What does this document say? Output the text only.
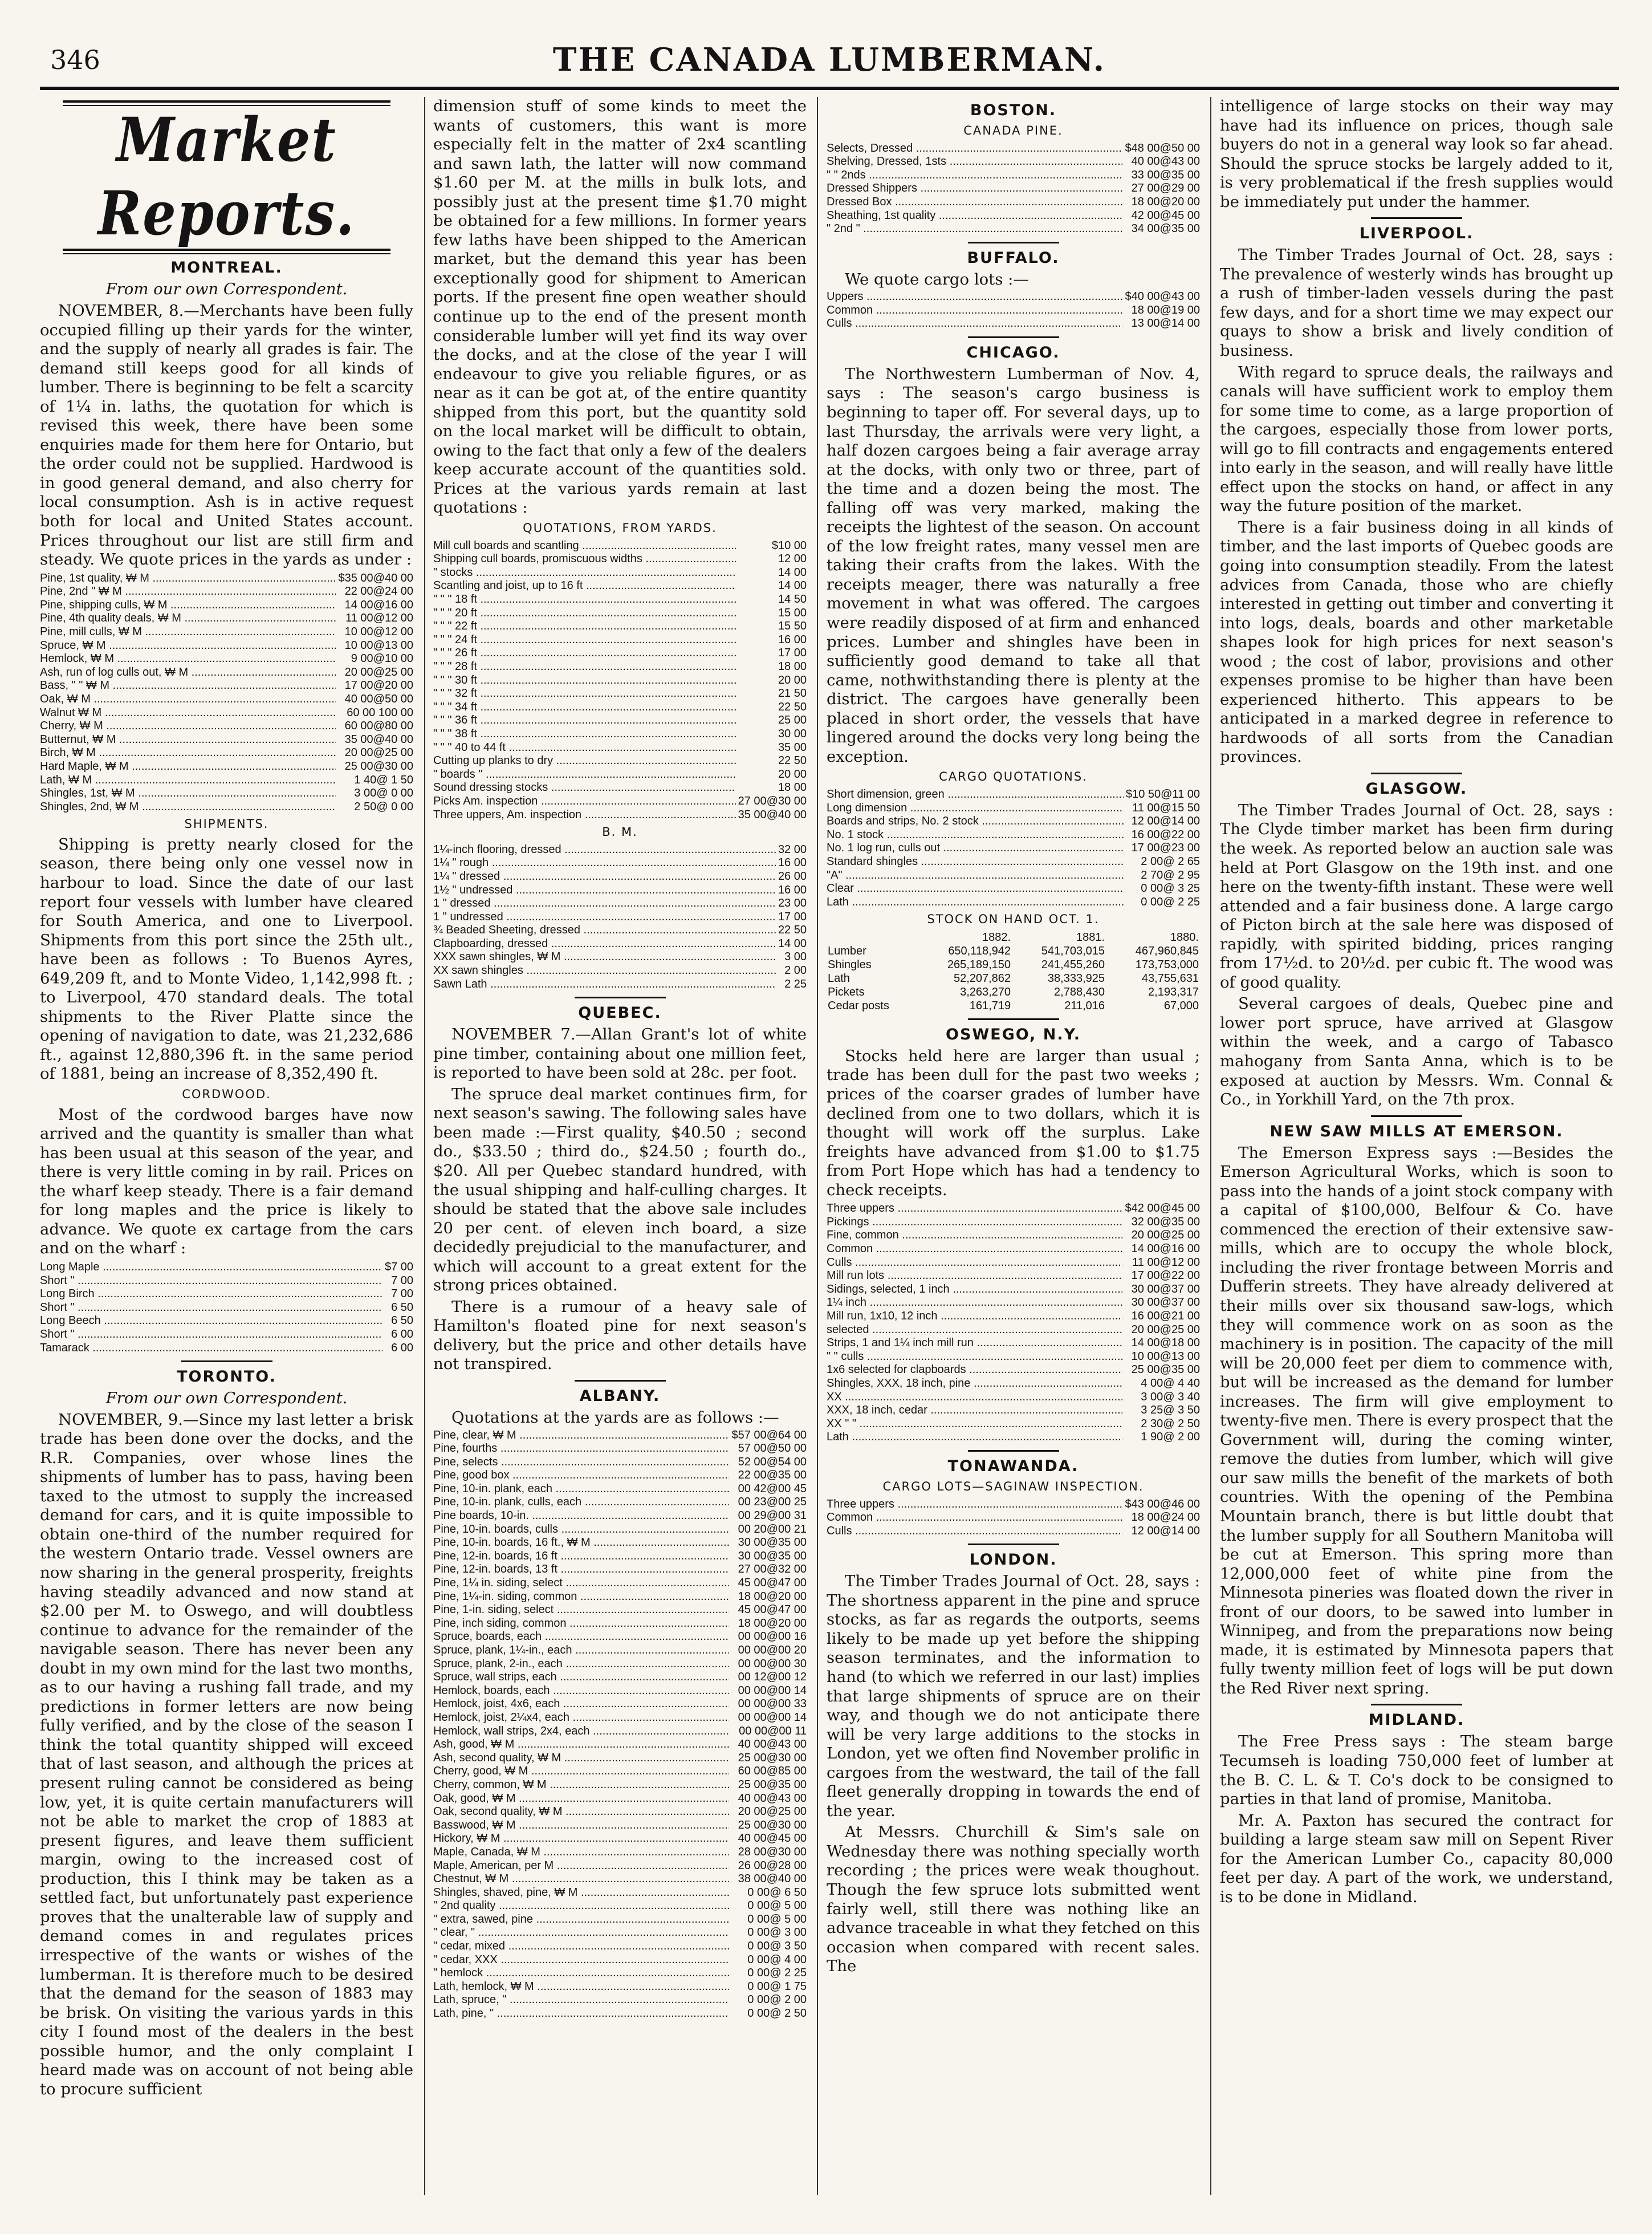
346	THE CANADA LUMBERMAN.
Market Reports.
MONTREAL.
From our own Correspondent.

NOVEMBER, 8.—Merchants have been fully occupied filling up their yards for the winter, and the supply of nearly all grades is fair. The demand still keeps good for all kinds of lumber. There is beginning to be felt a scarcity of 1¼ in. laths, the quotation for which is revised this week, there have been some enquiries made for them here for Ontario, but the order could not be supplied. Hardwood is in good general demand, and also cherry for local consumption. Ash is in active request both for local and United States account. Prices throughout our list are still firm and steady. We quote prices in the yards as under :

Pine, 1st quality, ₩ M .....	$35 00@40 00
Pine, 2nd " ₩ M .....	22 00@24 00
Pine, shipping culls, ₩ M .....	14 00@16 00
Pine, 4th quality deals, ₩ M .....	11 00@12 00
Pine, mill culls, ₩ M .....	10 00@12 00
Spruce, ₩ M .....	10 00@13 00
Hemlock, ₩ M .....	9 00@10 00
Ash, run of log culls out, ₩ M .....	20 00@25 00
Bass, " " ₩ M .....	17 00@20 00
Oak, ₩ M .....	40 00@50 00
Walnut ₩ M .....	60 00 100 00
Cherry, ₩ M .....	60 00@80 00
Butternut, ₩ M .....	35 00@40 00
Birch, ₩ M .....	20 00@25 00
Hard Maple, ₩ M .....	25 00@30 00
Lath, ₩ M .....	1 40@ 1 50
Shingles, 1st, ₩ M .....	3 00@ 0 00
Shingles, 2nd, ₩ M .....	2 50@ 0 00
SHIPMENTS.

Shipping is pretty nearly closed for the season, there being only one vessel now in harbour to load. Since the date of our last report four vessels with lumber have cleared for South America, and one to Liverpool. Shipments from this port since the 25th ult., have been as follows : To Buenos Ayres, 649,209 ft, and to Monte Video, 1,142,998 ft. ; to Liverpool, 470 standard deals. The total shipments to the River Platte since the opening of navigation to date, was 21,232,686 ft., against 12,880,396 ft. in the same period of 1881, being an increase of 8,352,490 ft.

CORDWOOD.

Most of the cordwood barges have now arrived and the quantity is smaller than what has been usual at this season of the year, and there is very little coming in by rail. Prices on the wharf keep steady. There is a fair demand for long maples and the price is likely to advance. We quote ex cartage from the cars and on the wharf :

Long Maple .....	$7 00
Short " .....	7 00
Long Birch .....	7 00
Short " .....	6 50
Long Beech .....	6 50
Short " .....	6 00
Tamarack .....	6 00
TORONTO.
From our own Correspondent.

NOVEMBER, 9.—Since my last letter a brisk trade has been done over the docks, and the R.R. Companies, over whose lines the shipments of lumber has to pass, having been taxed to the utmost to supply the increased demand for cars, and it is quite impossible to obtain one-third of the number required for the western Ontario trade. Vessel owners are now sharing in the general prosperity, freights having steadily advanced and now stand at $2.00 per M. to Oswego, and will doubtless continue to advance for the remainder of the navigable season. There has never been any doubt in my own mind for the last two months, as to our having a rushing fall trade, and my predictions in former letters are now being fully verified, and by the close of the season I think the total quantity shipped will exceed that of last season, and although the prices at present ruling cannot be considered as being low, yet, it is quite certain manufacturers will not be able to market the crop of 1883 at present figures, and leave them sufficient margin, owing to the increased cost of production, this I think may be taken as a settled fact, but unfortunately past experience proves that the unalterable law of supply and demand comes in and regulates prices irrespective of the wants or wishes of the lumberman. It is therefore much to be desired that the demand for the season of 1883 may be brisk. On visiting the various yards in this city I found most of the dealers in the best possible humor, and the only complaint I heard made was on account of not being able to procure sufficient

dimension stuff of some kinds to meet the wants of customers, this want is more especially felt in the matter of 2x4 scantling and sawn lath, the latter will now command $1.60 per M. at the mills in bulk lots, and possibly just at the present time $1.70 might be obtained for a few millions. In former years few laths have been shipped to the American market, but the demand this year has been exceptionally good for shipment to American ports. If the present fine open weather should continue up to the end of the present month considerable lumber will yet find its way over the docks, and at the close of the year I will endeavour to give you reliable figures, or as near as it can be got at, of the entire quantity shipped from this port, but the quantity sold on the local market will be difficult to obtain, owing to the fact that only a few of the dealers keep accurate account of the quantities sold. Prices at the various yards remain at last quotations :

QUOTATIONS, FROM YARDS.
Mill cull boards and scantling .....	$10 00
Shipping cull boards, promiscuous widths .....	12 00
" stocks .....	14 00
Scantling and joist, up to 16 ft .....	14 00
" " " 18 ft .....	14 50
" " " 20 ft .....	15 00
" " " 22 ft .....	15 50
" " " 24 ft .....	16 00
" " " 26 ft .....	17 00
" " " 28 ft .....	18 00
" " " 30 ft .....	20 00
" " " 32 ft .....	21 50
" " " 34 ft .....	22 50
" " " 36 ft .....	25 00
" " " 38 ft .....	30 00
" " " 40 to 44 ft .....	35 00
Cutting up planks to dry .....	22 50
" boards " .....	20 00
Sound dressing stocks .....	18 00
Picks Am. inspection .....	27 00@30 00
Three uppers, Am. inspection .....	35 00@40 00
B. M.
1¼-inch flooring, dressed .....	32 00
1¼ " rough .....	16 00
1¼ " dressed .....	26 00
1½ " undressed .....	16 00
1 " dressed .....	23 00
1 " undressed .....	17 00
¾ Beaded Sheeting, dressed .....	22 50
Clapboarding, dressed .....	14 00
XXX sawn shingles, ₩ M .....	3 00
XX sawn shingles .....	2 00
Sawn Lath .....	2 25
QUEBEC.

NOVEMBER 7.—Allan Grant's lot of white pine timber, containing about one million feet, is reported to have been sold at 28c. per foot.

The spruce deal market continues firm, for next season's sawing. The following sales have been made :—First quality, $40.50 ; second do., $33.50 ; third do., $24.50 ; fourth do., $20. All per Quebec standard hundred, with the usual shipping and half-culling charges. It should be stated that the above sale includes 20 per cent. of eleven inch board, a size decidedly prejudicial to the manufacturer, and which will account to a great extent for the strong prices obtained.

There is a rumour of a heavy sale of Hamilton's floated pine for next season's delivery, but the price and other details have not transpired.

ALBANY.

Quotations at the yards are as follows :—

Pine, clear, ₩ M .....	$57 00@64 00
Pine, fourths .....	57 00@50 00
Pine, selects .....	52 00@54 00
Pine, good box .....	22 00@35 00
Pine, 10-in. plank, each .....	00 42@00 45
Pine, 10-in. plank, culls, each .....	00 23@00 25
Pine boards, 10-in. .....	00 29@00 31
Pine, 10-in. boards, culls .....	00 20@00 21
Pine, 10-in. boards, 16 ft., ₩ M .....	30 00@35 00
Pine, 12-in. boards, 16 ft .....	30 00@35 00
Pine, 12-in. boards, 13 ft .....	27 00@32 00
Pine, 1¼ in. siding, select .....	45 00@47 00
Pine, 1¼-in. siding, common .....	18 00@20 00
Pine, 1-in. siding, select .....	45 00@47 00
Pine, inch siding, common .....	18 00@20 00
Spruce, boards, each .....	00 00@00 16
Spruce, plank, 1¼-in., each .....	00 00@00 20
Spruce, plank, 2-in., each .....	00 00@00 30
Spruce, wall strips, each .....	00 12@00 12
Hemlock, boards, each .....	00 00@00 14
Hemlock, joist, 4x6, each .....	00 00@00 33
Hemlock, joist, 2¼x4, each .....	00 00@00 14
Hemlock, wall strips, 2x4, each .....	00 00@00 11
Ash, good, ₩ M .....	40 00@43 00
Ash, second quality, ₩ M .....	25 00@30 00
Cherry, good, ₩ M .....	60 00@85 00
Cherry, common, ₩ M .....	25 00@35 00
Oak, good, ₩ M .....	40 00@43 00
Oak, second quality, ₩ M .....	20 00@25 00
Basswood, ₩ M .....	25 00@30 00
Hickory, ₩ M .....	40 00@45 00
Maple, Canada, ₩ M .....	28 00@30 00
Maple, American, per M .....	26 00@28 00
Chestnut, ₩ M .....	38 00@40 00
Shingles, shaved, pine, ₩ M .....	0 00@ 6 50
" 2nd quality .....	0 00@ 5 00
" extra, sawed, pine .....	0 00@ 5 00
" clear, " .....	0 00@ 3 00
" cedar, mixed .....	0 00@ 3 50
" cedar, XXX .....	0 00@ 4 00
" hemlock .....	0 00@ 2 25
Lath, hemlock, ₩ M .....	0 00@ 1 75
Lath, spruce, " .....	0 00@ 2 00
Lath, pine, " .....	0 00@ 2 50
BOSTON.
CANADA PINE.
Selects, Dressed .....	$48 00@50 00
Shelving, Dressed, 1sts .....	40 00@43 00
" " 2nds .....	33 00@35 00
Dressed Shippers .....	27 00@29 00
Dressed Box .....	18 00@20 00
Sheathing, 1st quality .....	42 00@45 00
" 2nd " .....	34 00@35 00
BUFFALO.

We quote cargo lots :—

Uppers .....	$40 00@43 00
Common .....	18 00@19 00
Culls .....	13 00@14 00
CHICAGO.

The Northwestern Lumberman of Nov. 4, says : The season's cargo business is beginning to taper off. For several days, up to last Thursday, the arrivals were very light, a half dozen cargoes being a fair average array at the docks, with only two or three, part of the time and a dozen being the most. The falling off was very marked, making the receipts the lightest of the season. On account of the low freight rates, many vessel men are taking their crafts from the lakes. With the receipts meager, there was naturally a free movement in what was offered. The cargoes were readily disposed of at firm and enhanced prices. Lumber and shingles have been in sufficiently good demand to take all that came, nothwithstanding there is plenty at the district. The cargoes have generally been placed in short order, the vessels that have lingered around the docks very long being the exception.

CARGO QUOTATIONS.
Short dimension, green .....	$10 50@11 00
Long dimension .....	11 00@15 50
Boards and strips, No. 2 stock .....	12 00@14 00
No. 1 stock .....	16 00@22 00
No. 1 log run, culls out .....	17 00@23 00
Standard shingles .....	2 00@ 2 65
"A" .....	2 70@ 2 95
Clear .....	0 00@ 3 25
Lath .....	0 00@ 2 25
STOCK ON HAND OCT. 1.
	1882.	1881.	1880.
Lumber	650,118,942	541,703,015	467,960,845
Shingles	265,189,150	241,455,260	173,753,000
Lath	52,207,862	38,333,925	43,755,631
Pickets	3,263,270	2,788,430	2,193,317
Cedar posts	161,719	211,016	67,000
OSWEGO, N.Y.

Stocks held here are larger than usual ; trade has been dull for the past two weeks ; prices of the coarser grades of lumber have declined from one to two dollars, which it is thought will work off the surplus. Lake freights have advanced from $1.00 to $1.75 from Port Hope which has had a tendency to check receipts.

Three uppers .....	$42 00@45 00
Pickings .....	32 00@35 00
Fine, common .....	20 00@25 00
Common .....	14 00@16 00
Culls .....	11 00@12 00
Mill run lots .....	17 00@22 00
Sidings, selected, 1 inch .....	30 00@37 00
1¼ inch .....	30 00@37 00
Mill run, 1x10, 12 inch .....	16 00@21 00
selected .....	20 00@25 00
Strips, 1 and 1¼ inch mill run .....	14 00@18 00
" " culls .....	10 00@13 00
1x6 selected for clapboards .....	25 00@35 00
Shingles, XXX, 18 inch, pine .....	4 00@ 4 40
XX .....	3 00@ 3 40
XXX, 18 inch, cedar .....	3 25@ 3 50
XX " " .....	2 30@ 2 50
Lath .....	1 90@ 2 00
TONAWANDA.
CARGO LOTS—SAGINAW INSPECTION.
Three uppers .....	$43 00@46 00
Common .....	18 00@24 00
Culls .....	12 00@14 00
LONDON.

The Timber Trades Journal of Oct. 28, says : The shortness apparent in the pine and spruce stocks, as far as regards the outports, seems likely to be made up yet before the shipping season terminates, and the information to hand (to which we referred in our last) implies that large shipments of spruce are on their way, and though we do not anticipate there will be very large additions to the stocks in London, yet we often find November prolific in cargoes from the westward, the tail of the fall fleet generally dropping in towards the end of the year.

At Messrs. Churchill & Sim's sale on Wednesday there was nothing specially worth recording ; the prices were weak thoughout. Though the few spruce lots submitted went fairly well, still there was nothing like an advance traceable in what they fetched on this occasion when compared with recent sales. The

intelligence of large stocks on their way may have had its influence on prices, though sale buyers do not in a general way look so far ahead. Should the spruce stocks be largely added to it, is very problematical if the fresh supplies would be immediately put under the hammer.

LIVERPOOL.

The Timber Trades Journal of Oct. 28, says : The prevalence of westerly winds has brought up a rush of timber-laden vessels during the past few days, and for a short time we may expect our quays to show a brisk and lively condition of business.

With regard to spruce deals, the railways and canals will have sufficient work to employ them for some time to come, as a large proportion of the cargoes, especially those from lower ports, will go to fill contracts and engagements entered into early in the season, and will really have little effect upon the stocks on hand, or affect in any way the future position of the market.

There is a fair business doing in all kinds of timber, and the last imports of Quebec goods are going into consumption steadily. From the latest advices from Canada, those who are chiefly interested in getting out timber and converting it into logs, deals, boards and other marketable shapes look for high prices for next season's wood ; the cost of labor, provisions and other expenses promise to be higher than have been experienced hitherto. This appears to be anticipated in a marked degree in reference to hardwoods of all sorts from the Canadian provinces.

GLASGOW.

The Timber Trades Journal of Oct. 28, says : The Clyde timber market has been firm during the week. As reported below an auction sale was held at Port Glasgow on the 19th inst. and one here on the twenty-fifth instant. These were well attended and a fair business done. A large cargo of Picton birch at the sale here was disposed of rapidly, with spirited bidding, prices ranging from 17½d. to 20½d. per cubic ft. The wood was of good quality.

Several cargoes of deals, Quebec pine and lower port spruce, have arrived at Glasgow within the week, and a cargo of Tabasco mahogany from Santa Anna, which is to be exposed at auction by Messrs. Wm. Connal & Co., in Yorkhill Yard, on the 7th prox.

NEW SAW MILLS AT EMERSON.

The Emerson Express says :—Besides the Emerson Agricultural Works, which is soon to pass into the hands of a joint stock company with a capital of $100,000, Belfour & Co. have commenced the erection of their extensive saw-mills, which are to occupy the whole block, including the river frontage between Morris and Dufferin streets. They have already delivered at their mills over six thousand saw-logs, which they will commence work on as soon as the machinery is in position. The capacity of the mill will be 20,000 feet per diem to commence with, but will be increased as the demand for lumber increases. The firm will give employment to twenty-five men. There is every prospect that the Government will, during the coming winter, remove the duties from lumber, which will give our saw mills the benefit of the markets of both countries. With the opening of the Pembina Mountain branch, there is but little doubt that the lumber supply for all Southern Manitoba will be cut at Emerson. This spring more than 12,000,000 feet of white pine from the Minnesota pineries was floated down the river in front of our doors, to be sawed into lumber in Winnipeg, and from the preparations now being made, it is estimated by Minnesota papers that fully twenty million feet of logs will be put down the Red River next spring.

MIDLAND.

The Free Press says : The steam barge Tecumseh is loading 750,000 feet of lumber at the B. C. L. & T. Co's dock to be consigned to parties in that land of promise, Manitoba.

Mr. A. Paxton has secured the contract for building a large steam saw mill on Sepent River for the American Lumber Co., capacity 80,000 feet per day. A part of the work, we understand, is to be done in Midland.
